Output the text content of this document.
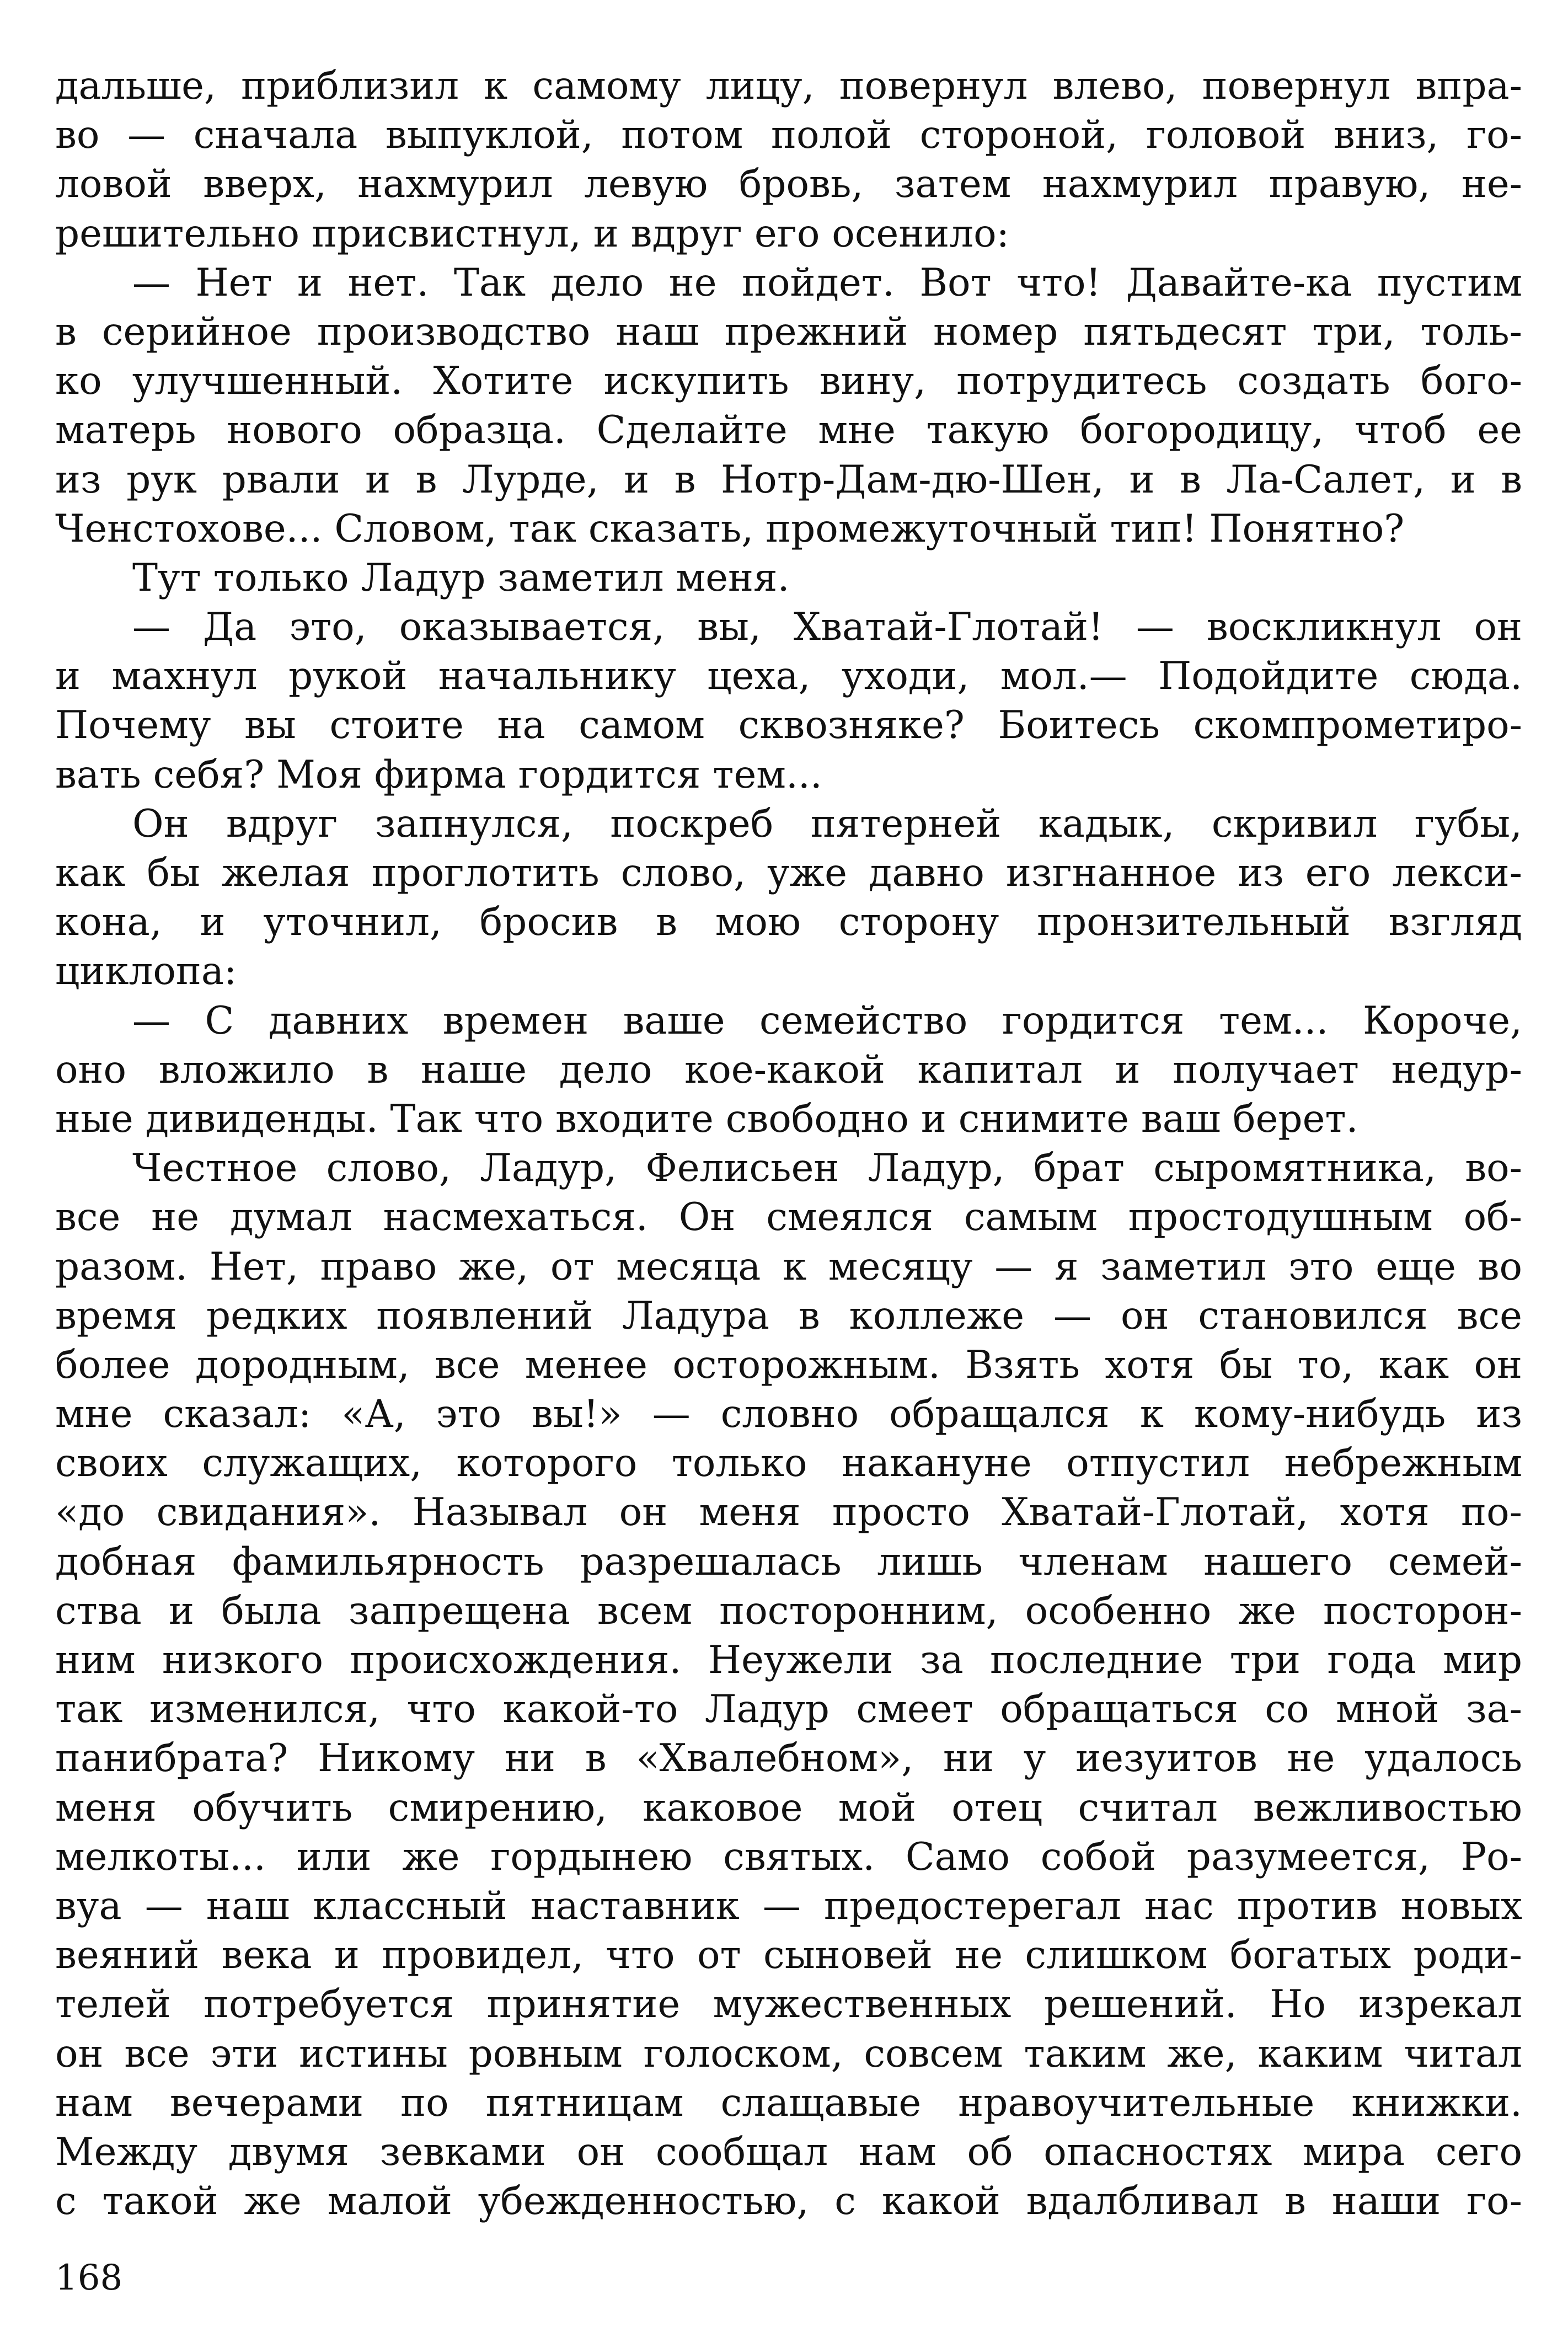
дальше, приблизил к самому лицу, повернул влево, повернул впра-
во — сначала выпуклой, потом полой стороной, головой вниз, го-
ловой вверх, нахмурил левую бровь, затем нахмурил правую, не-
решительно присвистнул, и вдруг его осенило:
— Нет и нет. Так дело не пойдет. Вот что! Давайте-ка пустим
в серийное производство наш прежний номер пятьдесят три, толь-
ко улучшенный. Хотите искупить вину, потрудитесь создать бого-
матерь нового образца. Сделайте мне такую богородицу, чтоб ее
из рук рвали и в Лурде, и в Нотр-Дам-дю-Шен, и в Ла-Салет, и в
Ченстохове... Словом, так сказать, промежуточный тип! Понятно?
Тут только Ладур заметил меня.
— Да это, оказывается, вы, Хватай-Глотай! — воскликнул он
и махнул рукой начальнику цеха, уходи, мол.— Подойдите сюда.
Почему вы стоите на самом сквозняке? Боитесь скомпрометиро-
вать себя? Моя фирма гордится тем...
Он вдруг запнулся, поскреб пятерней кадык, скривил губы,
как бы желая проглотить слово, уже давно изгнанное из его лекси-
кона, и уточнил, бросив в мою сторону пронзительный взгляд
циклопа:
— С давних времен ваше семейство гордится тем... Короче,
оно вложило в наше дело кое-какой капитал и получает недур-
ные дивиденды. Так что входите свободно и снимите ваш берет.
Честное слово, Ладур, Фелисьен Ладур, брат сыромятника, во-
все не думал насмехаться. Он смеялся самым простодушным об-
разом. Нет, право же, от месяца к месяцу — я заметил это еще во
время редких появлений Ладура в коллеже — он становился все
более дородным, все менее осторожным. Взять хотя бы то, как он
мне сказал: «А, это вы!» — словно обращался к кому-нибудь из
своих служащих, которого только накануне отпустил небрежным
«до свидания». Называл он меня просто Хватай-Глотай, хотя по-
добная фамильярность разрешалась лишь членам нашего семей-
ства и была запрещена всем посторонним, особенно же посторон-
ним низкого происхождения. Неужели за последние три года мир
так изменился, что какой-то Ладур смеет обращаться со мной за-
панибрата? Никому ни в «Хвалебном», ни у иезуитов не удалось
меня обучить смирению, каковое мой отец считал вежливостью
мелкоты... или же гордынею святых. Само собой разумеется, Ро-
вуа — наш классный наставник — предостерегал нас против новых
веяний века и провидел, что от сыновей не слишком богатых роди-
телей потребуется принятие мужественных решений. Но изрекал
он все эти истины ровным голоском, совсем таким же, каким читал
нам вечерами по пятницам слащавые нравоучительные книжки.
Между двумя зевками он сообщал нам об опасностях мира сего
с такой же малой убежденностью, с какой вдалбливал в наши го-
168
